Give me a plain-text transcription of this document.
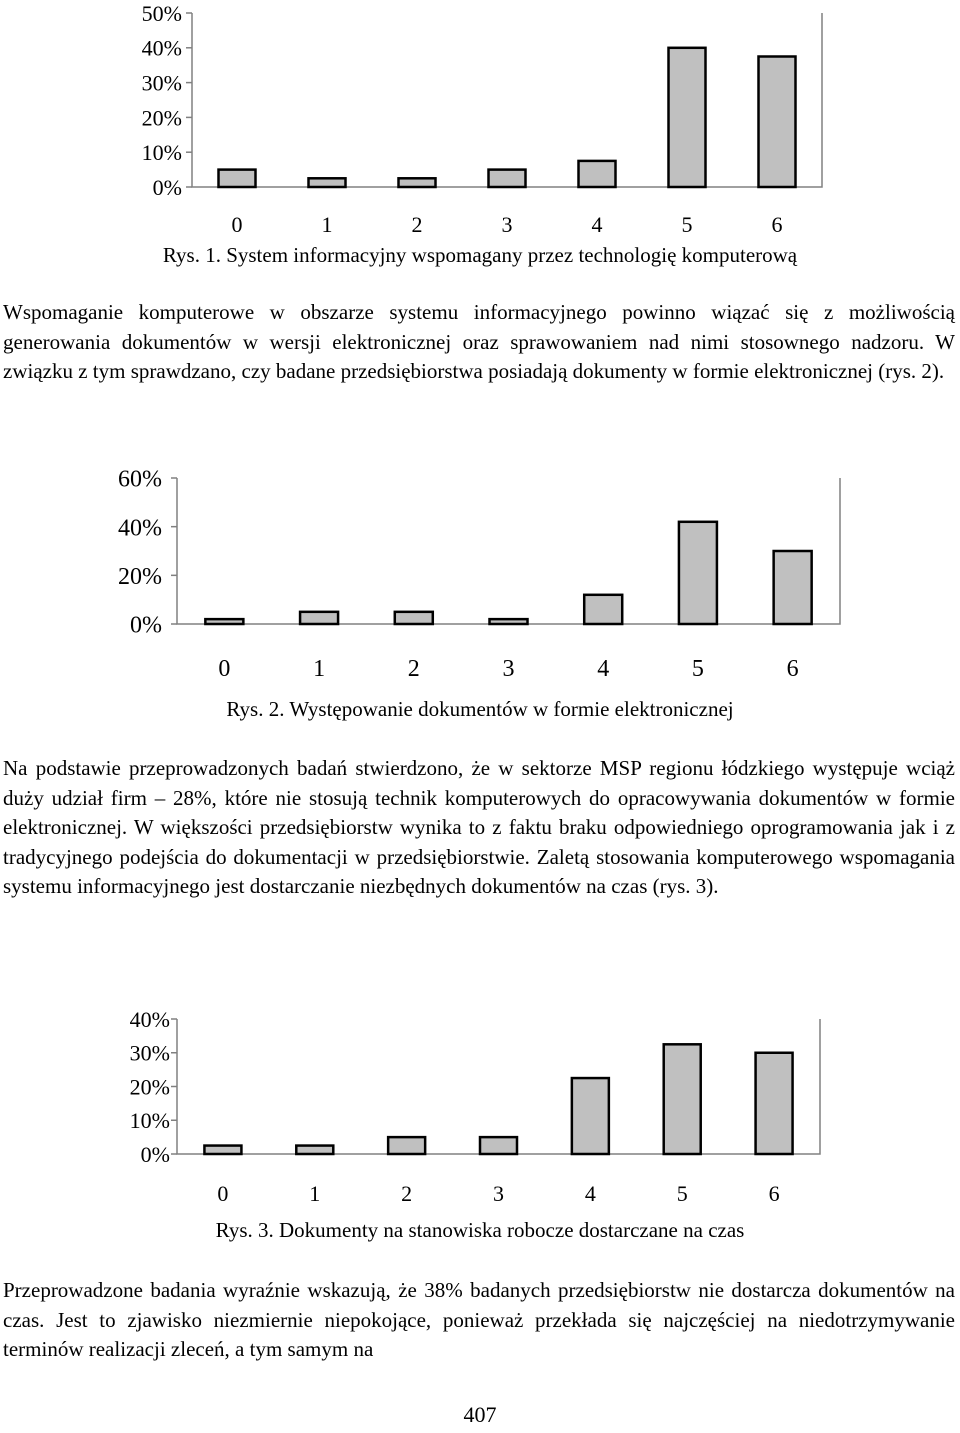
0%
10%
20%
30%
40%
50%
0	1	2	3	4	5	6
Rys. 1. System informacyjny wspomagany przez technologię komputerową

Wspomaganie komputerowe w obszarze systemu informacyjnego powinno wiązać się z możliwością generowania dokumentów w wersji elektronicznej oraz sprawowaniem nad nimi stosownego nadzoru. W związku z tym sprawdzano, czy badane przedsiębiorstwa posiadają dokumenty w formie elektronicznej (rys. 2).

0%
20%
40%
60%
0	1	2	3	4	5	6
Rys. 2. Występowanie dokumentów w formie elektronicznej

Na podstawie przeprowadzonych badań stwierdzono, że w sektorze MSP regionu łódzkiego występuje wciąż duży udział firm – 28%, które nie stosują technik komputerowych do opracowywania dokumentów w formie elektronicznej. W większości przedsiębiorstw wynika to z faktu braku odpowiedniego oprogramowania jak i z tradycyjnego podejścia do dokumentacji w przedsiębiorstwie. Zaletą stosowania komputerowego wspomagania systemu informacyjnego jest dostarczanie niezbędnych dokumentów na czas (rys. 3).

0%
10%
20%
30%
40%
0	1	2	3	4	5	6
Rys. 3. Dokumenty na stanowiska robocze dostarczane na czas

Przeprowadzone badania wyraźnie wskazują, że 38% badanych przedsiębiorstw nie dostarcza dokumentów na czas. Jest to zjawisko niezmiernie niepokojące, ponieważ przekłada się najczęściej na niedotrzymywanie terminów realizacji zleceń, a tym samym na

407
